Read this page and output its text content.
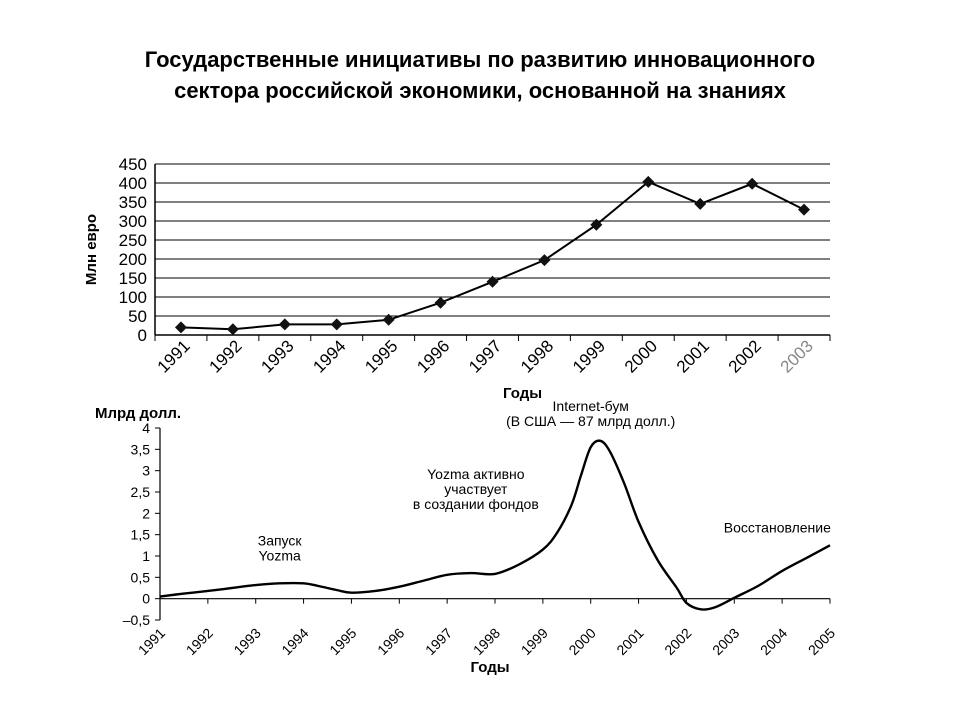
Государственные инициативы по развитию инновационного
сектора российской экономики, основанной на знаниях
0
50
100
150
200
250
300
350
400
450
1991 1992 1993 1994 1995 1996 1997 1998 1999 2000 2001 2002 2003
Млн евро
Годы
–0,5
0
0,5
1
1,5
2
2,5
3
3,5
4
1991 1992 1993 1994 1995 1996 1997 1998 1999 2000 2001 2002 2003 2004 2005
Млрд долл.
Годы
Запуск
Yozma
Yozma активно
участвует
в создании фондов
Internet-бум
(В США — 87 млрд долл.)
Восстановление
